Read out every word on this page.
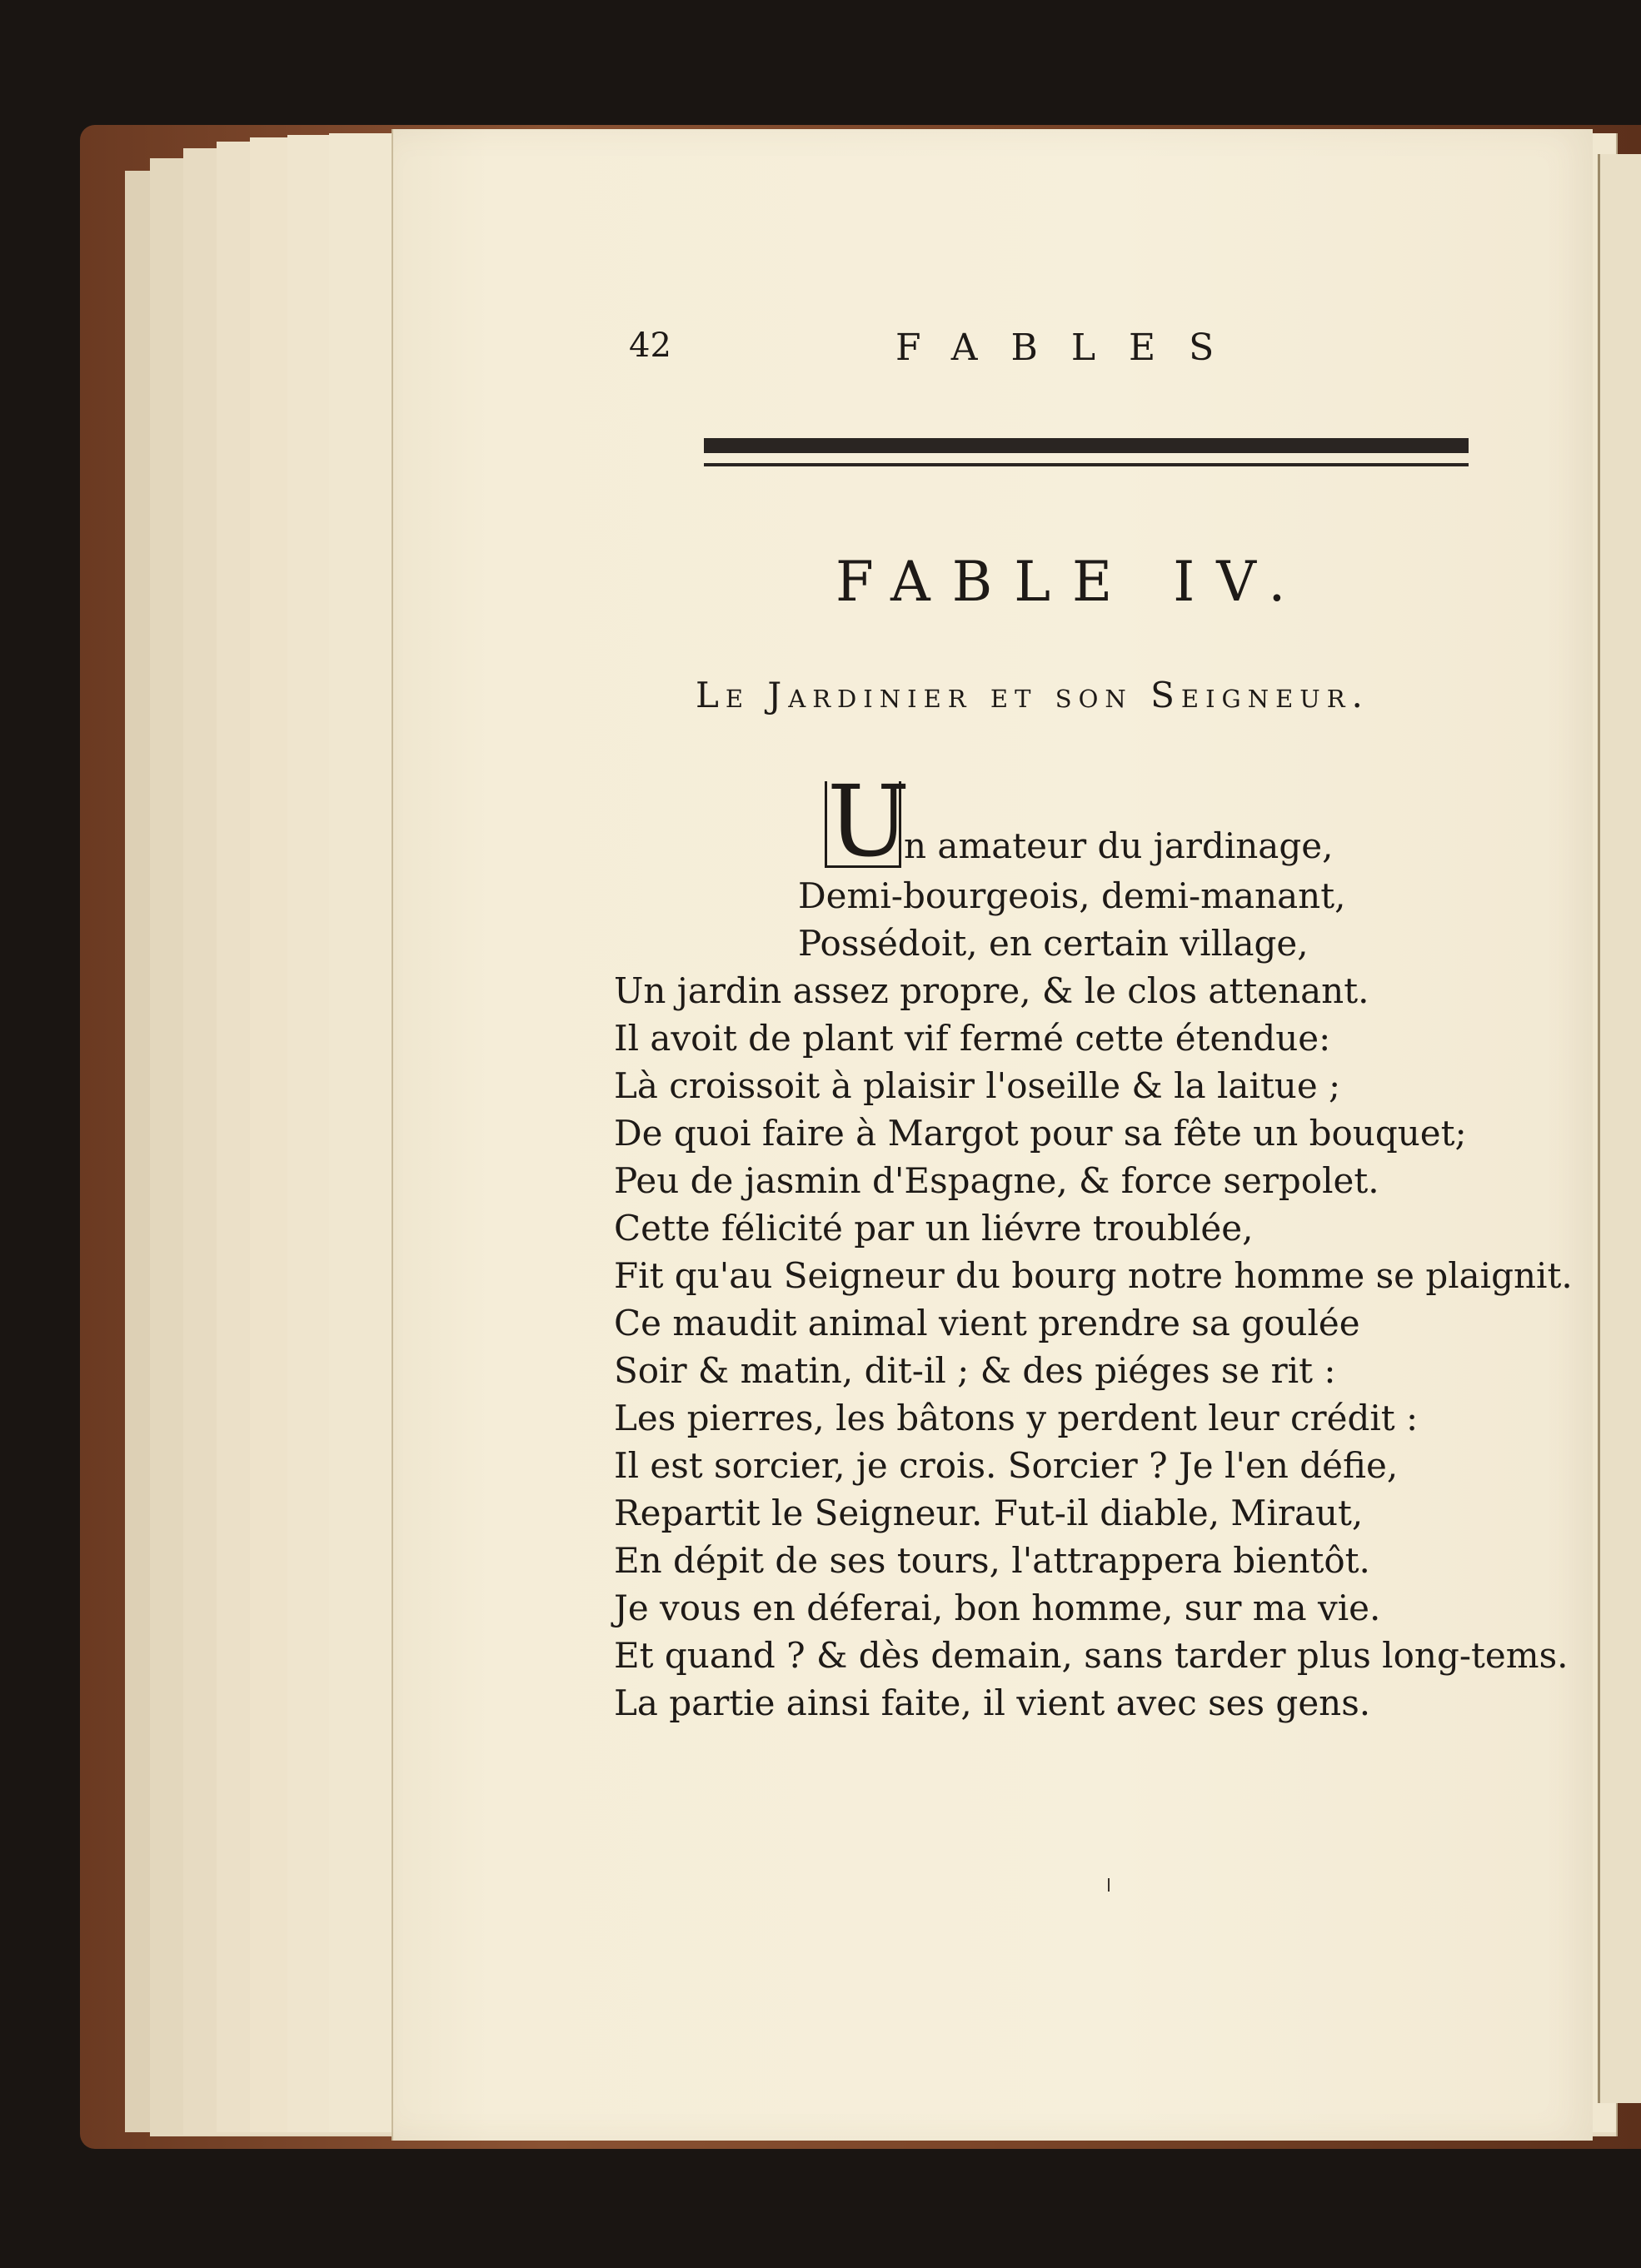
42	FABLES
FABLE IV.
Le Jardinier et son Seigneur.
U
n amateur du jardinage,
Demi-bourgeois, demi-manant,
Possédoit, en certain village,
Un jardin assez propre, & le clos attenant.
Il avoit de plant vif fermé cette étendue:
Là croissoit à plaisir l'oseille & la laitue ;
De quoi faire à Margot pour sa fête un bouquet;
Peu de jasmin d'Espagne, & force serpolet.
Cette félicité par un liévre troublée,
Fit qu'au Seigneur du bourg notre homme se plaignit.
Ce maudit animal vient prendre sa goulée
Soir & matin, dit-il ; & des piéges se rit :
Les pierres, les bâtons y perdent leur crédit :
Il est sorcier, je crois. Sorcier ? Je l'en défie,
Repartit le Seigneur. Fut-il diable, Miraut,
En dépit de ses tours, l'attrappera bientôt.
Je vous en déferai, bon homme, sur ma vie.
Et quand ? & dès demain, sans tarder plus long-tems.
La partie ainsi faite, il vient avec ses gens.
